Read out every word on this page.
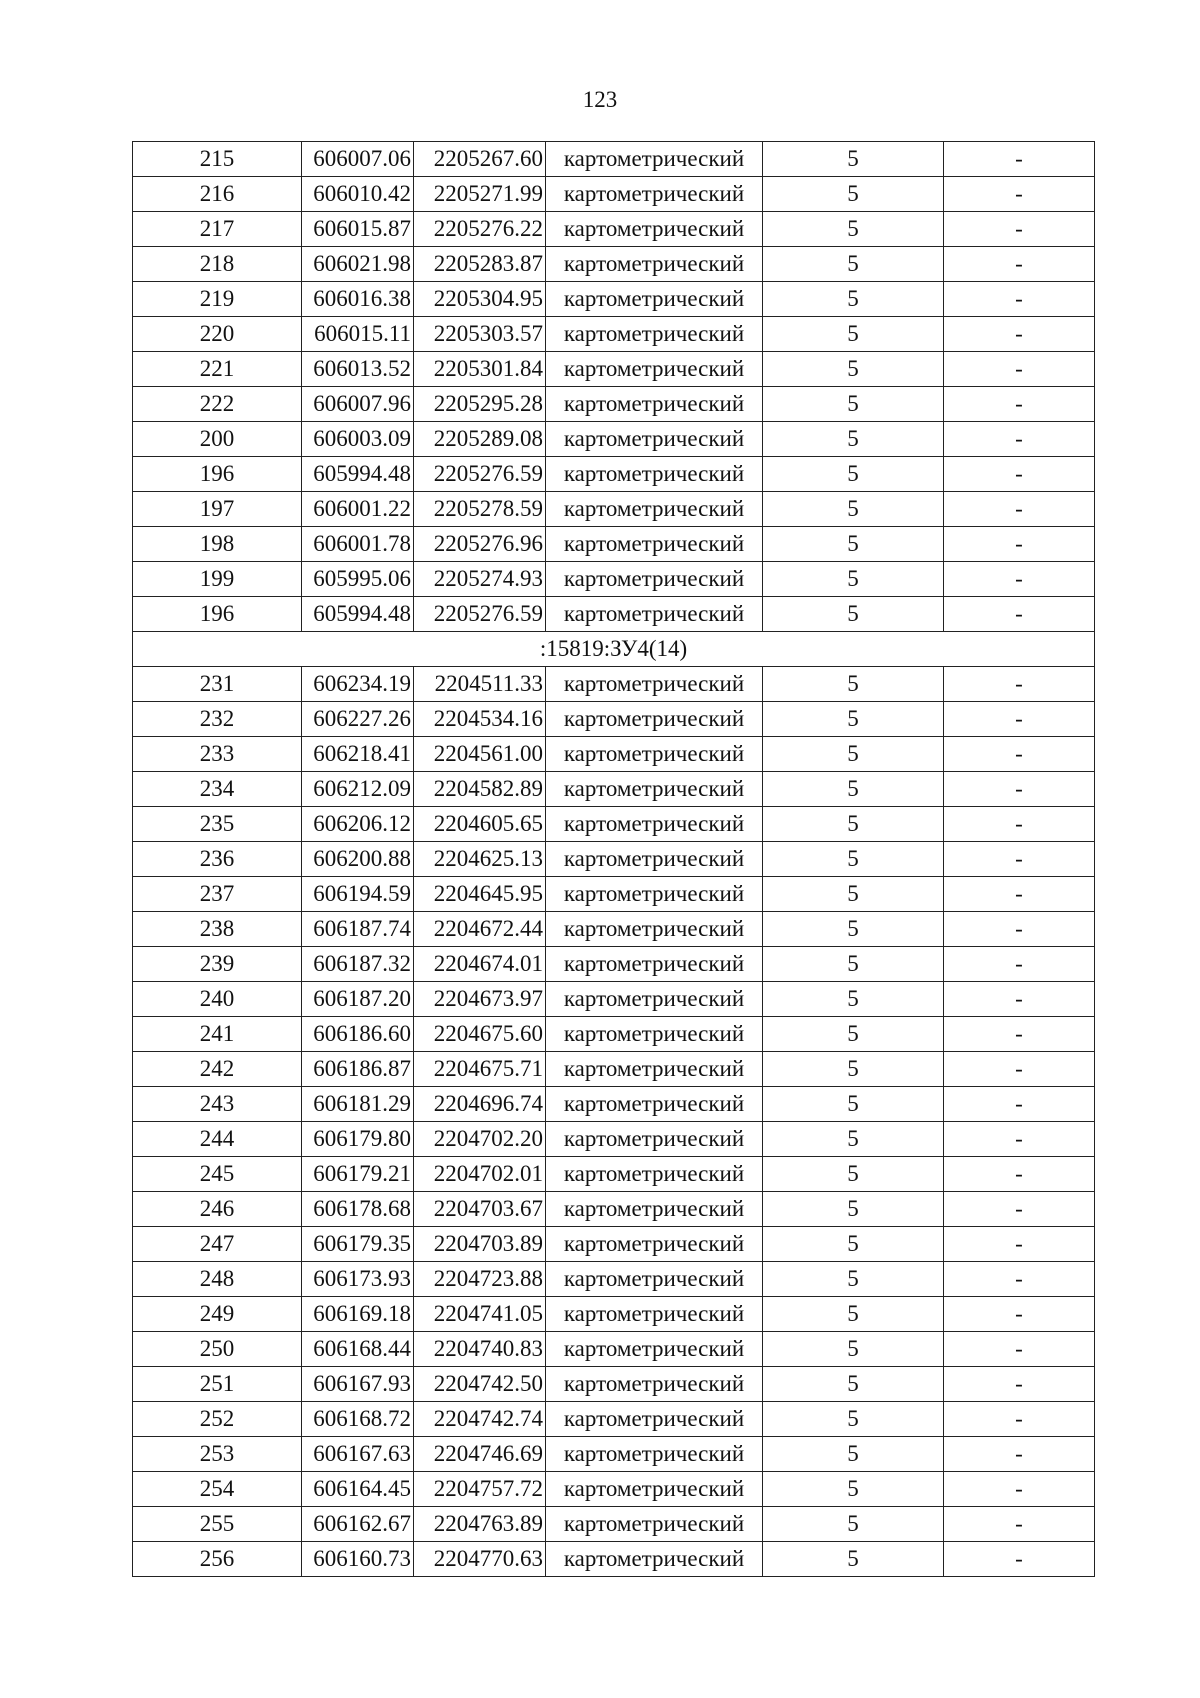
123
215	606007.06	2205267.60	картометрический	5	-
216	606010.42	2205271.99	картометрический	5	-
217	606015.87	2205276.22	картометрический	5	-
218	606021.98	2205283.87	картометрический	5	-
219	606016.38	2205304.95	картометрический	5	-
220	606015.11	2205303.57	картометрический	5	-
221	606013.52	2205301.84	картометрический	5	-
222	606007.96	2205295.28	картометрический	5	-
200	606003.09	2205289.08	картометрический	5	-
196	605994.48	2205276.59	картометрический	5	-
197	606001.22	2205278.59	картометрический	5	-
198	606001.78	2205276.96	картометрический	5	-
199	605995.06	2205274.93	картометрический	5	-
196	605994.48	2205276.59	картометрический	5	-
:15819:ЗУ4(14)					
231	606234.19	2204511.33	картометрический	5	-
232	606227.26	2204534.16	картометрический	5	-
233	606218.41	2204561.00	картометрический	5	-
234	606212.09	2204582.89	картометрический	5	-
235	606206.12	2204605.65	картометрический	5	-
236	606200.88	2204625.13	картометрический	5	-
237	606194.59	2204645.95	картометрический	5	-
238	606187.74	2204672.44	картометрический	5	-
239	606187.32	2204674.01	картометрический	5	-
240	606187.20	2204673.97	картометрический	5	-
241	606186.60	2204675.60	картометрический	5	-
242	606186.87	2204675.71	картометрический	5	-
243	606181.29	2204696.74	картометрический	5	-
244	606179.80	2204702.20	картометрический	5	-
245	606179.21	2204702.01	картометрический	5	-
246	606178.68	2204703.67	картометрический	5	-
247	606179.35	2204703.89	картометрический	5	-
248	606173.93	2204723.88	картометрический	5	-
249	606169.18	2204741.05	картометрический	5	-
250	606168.44	2204740.83	картометрический	5	-
251	606167.93	2204742.50	картометрический	5	-
252	606168.72	2204742.74	картометрический	5	-
253	606167.63	2204746.69	картометрический	5	-
254	606164.45	2204757.72	картометрический	5	-
255	606162.67	2204763.89	картометрический	5	-
256	606160.73	2204770.63	картометрический	5	-
